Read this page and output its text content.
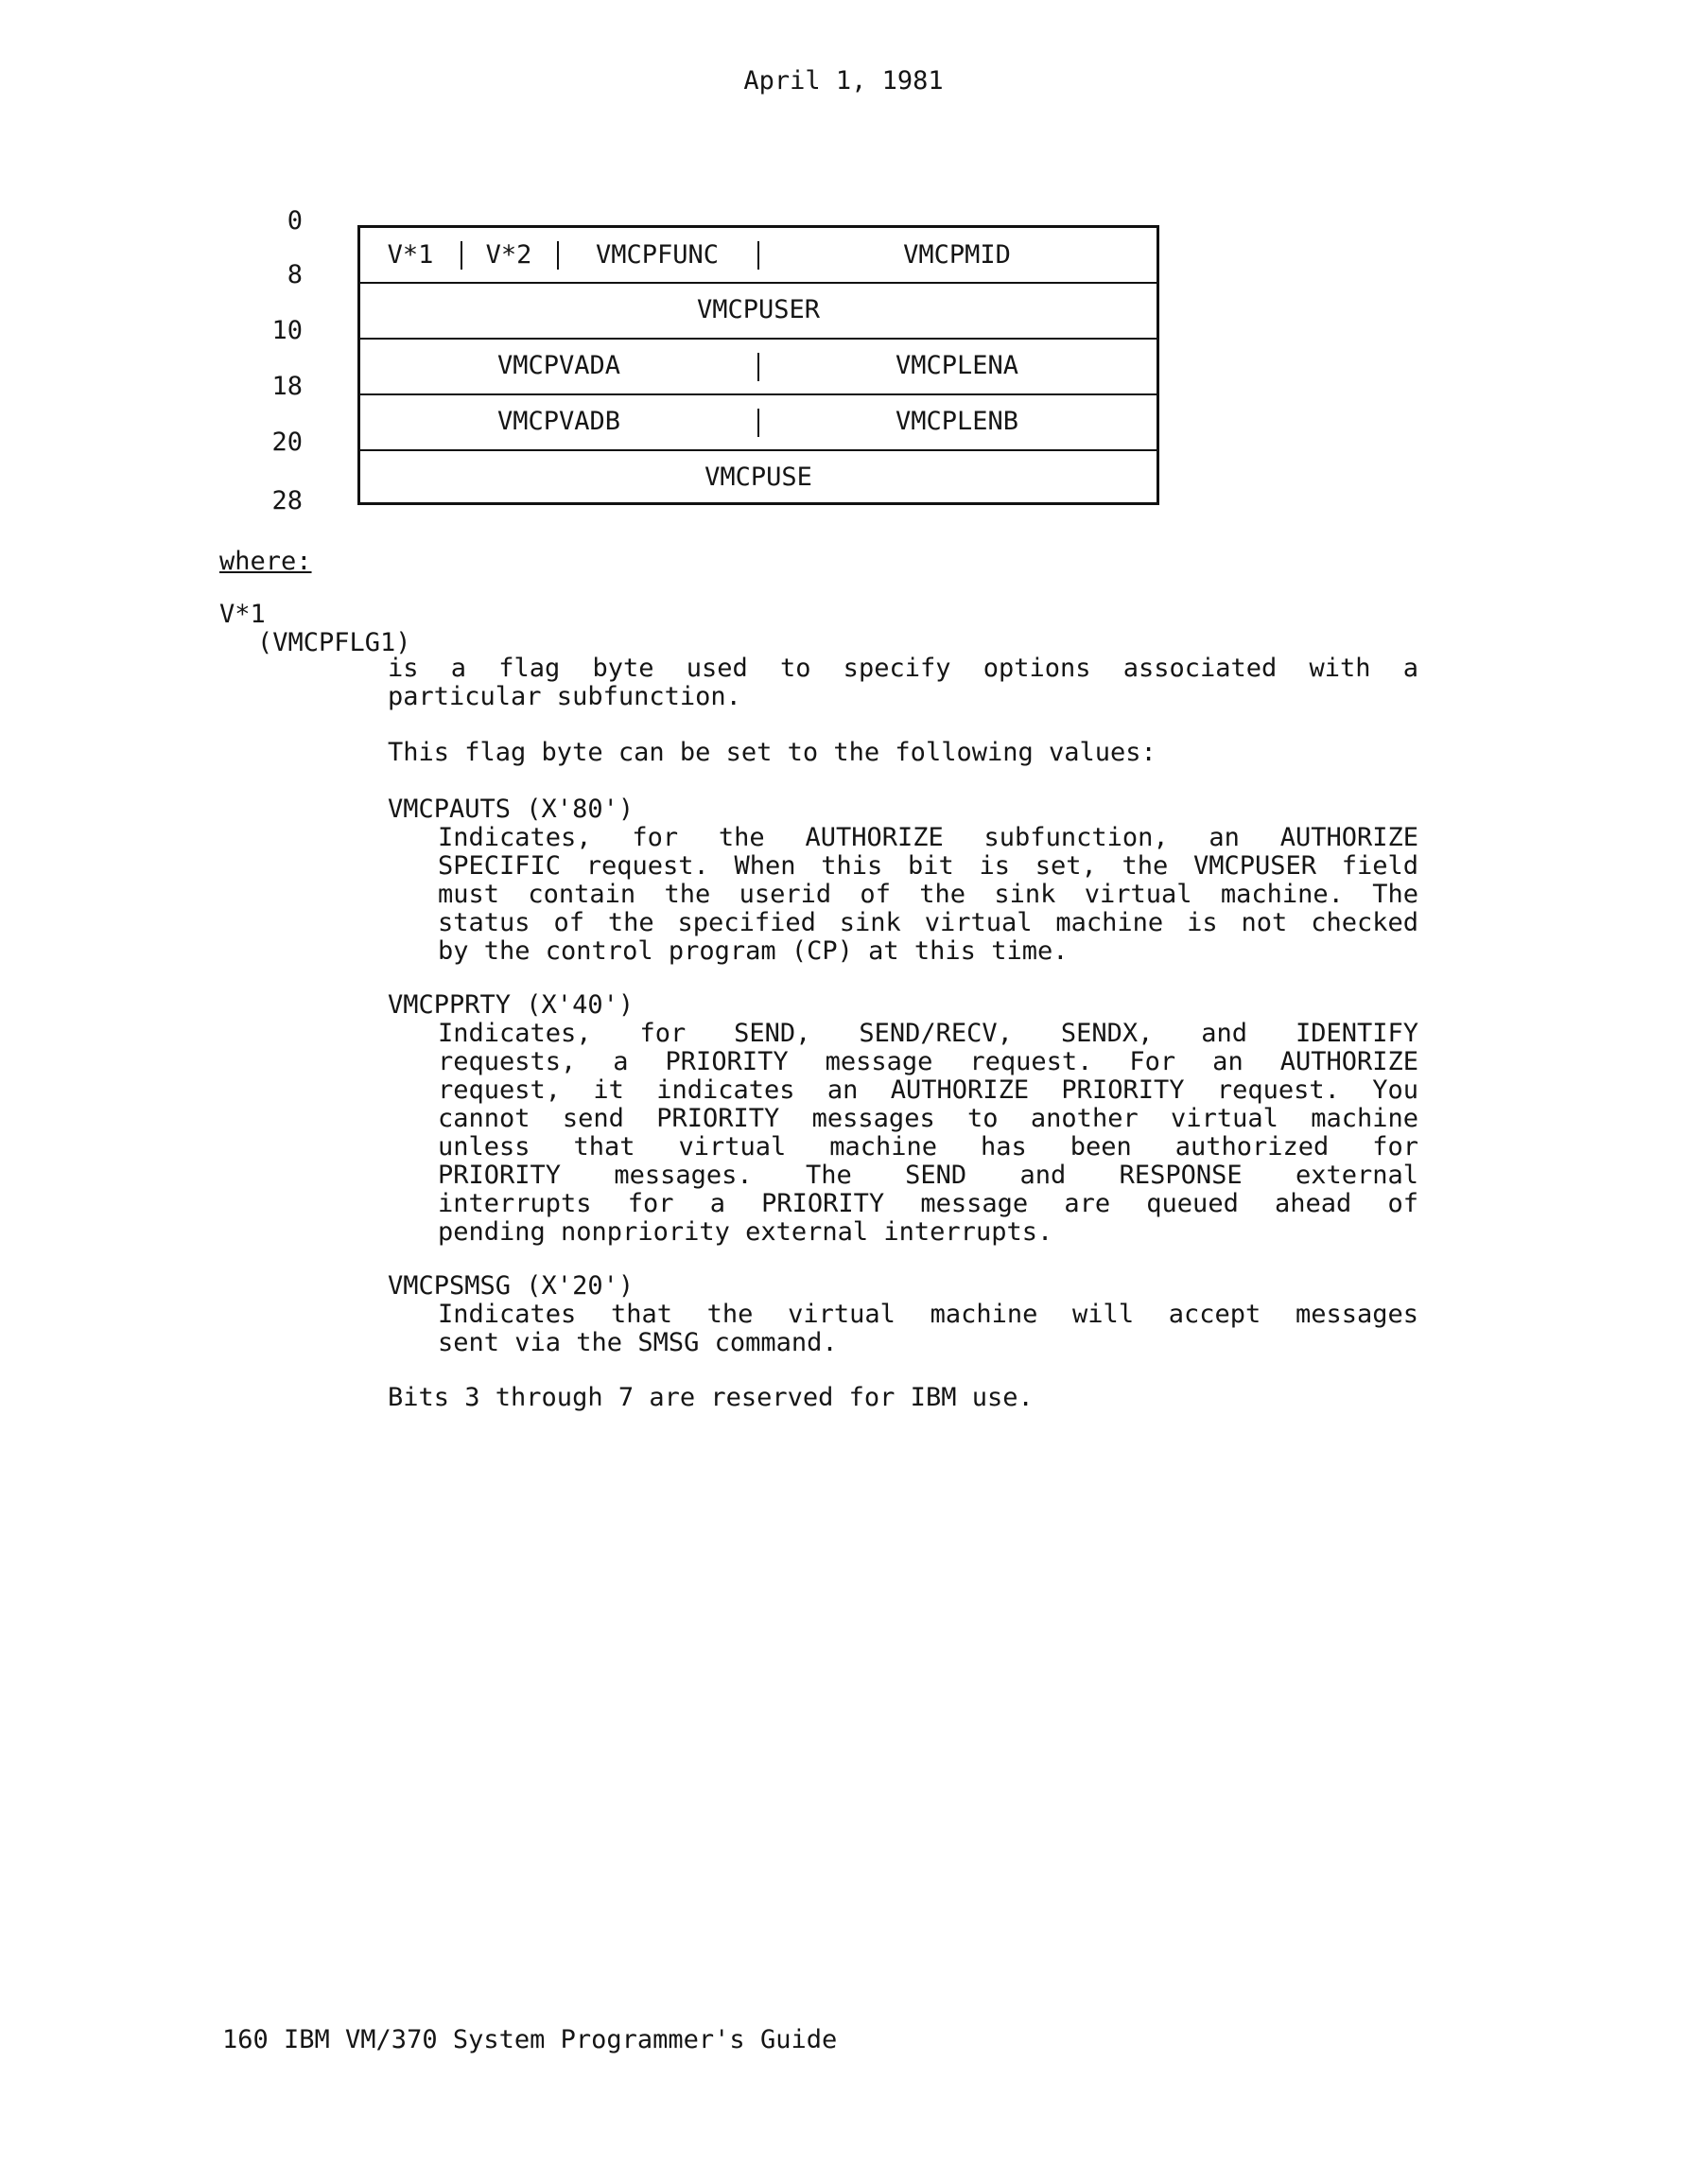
April 1, 1981
0
8
10
18
20
28
V*1	V*2	VMCPFUNC	VMCPMID
VMCPUSER
VMCPVADA	VMCPLENA
VMCPVADB	VMCPLENB
VMCPUSE
where:
V*1
(VMCPFLG1)
is a flag byte used to specify options associated with a
particular subfunction.
This flag byte can be set to the following values:
VMCPAUTS (X'80')
Indicates, for the AUTHORIZE subfunction, an AUTHORIZE
SPECIFIC request. When this bit is set, the VMCPUSER field
must contain the userid of the sink virtual machine. The
status of the specified sink virtual machine is not checked
by the control program (CP) at this time.
VMCPPRTY (X'40')
Indicates, for SEND, SEND/RECV, SENDX, and IDENTIFY
requests, a PRIORITY message request. For an AUTHORIZE
request, it indicates an AUTHORIZE PRIORITY request. You
cannot send PRIORITY messages to another virtual machine
unless that virtual machine has been authorized for
PRIORITY messages. The SEND and RESPONSE external
interrupts for a PRIORITY message are queued ahead of
pending nonpriority external interrupts.
VMCPSMSG (X'20')
Indicates that the virtual machine will accept messages
sent via the SMSG command.
Bits 3 through 7 are reserved for IBM use.
160 IBM VM/370 System Programmer's Guide
